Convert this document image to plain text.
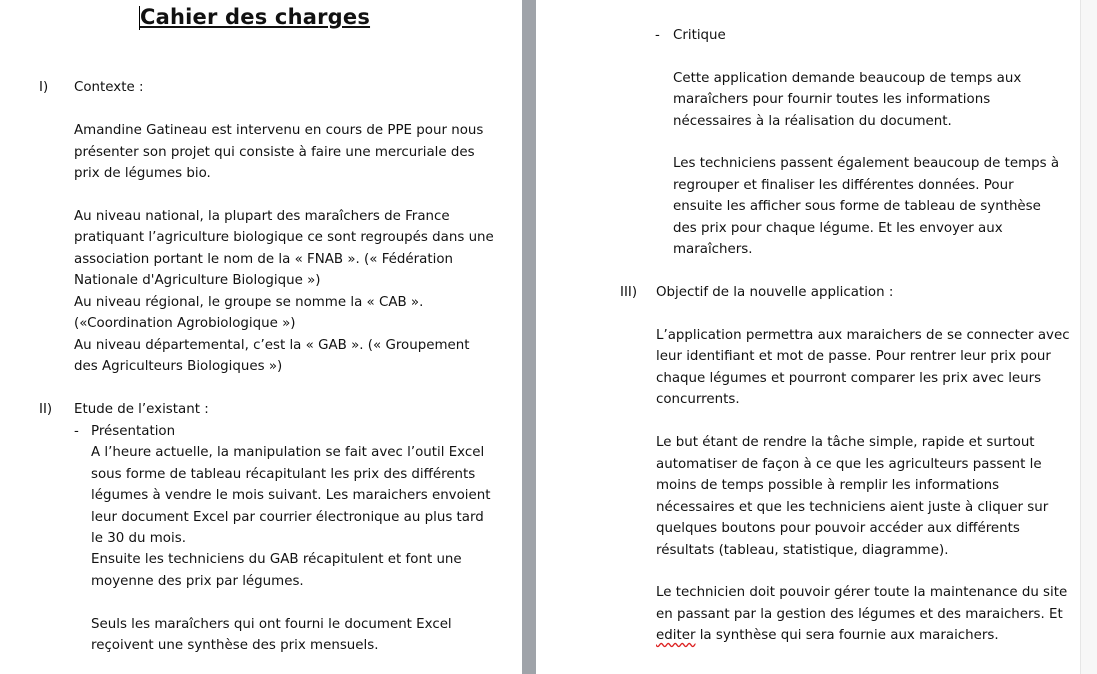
Cahier des charges
I) Contexte :
Amandine Gatineau est intervenu en cours de PPE pour nous
présenter son projet qui consiste à faire une mercuriale des
prix de légumes bio.
Au niveau national, la plupart des maraîchers de France
pratiquant l’agriculture biologique ce sont regroupés dans une
association portant le nom de la « FNAB ». (« Fédération
Nationale d'Agriculture Biologique »)
Au niveau régional, le groupe se nomme la « CAB ».
(«Coordination Agrobiologique »)
Au niveau départemental, c’est la « GAB ». (« Groupement
des Agriculteurs Biologiques »)
II) Etude de l’existant :
- Présentation
A l’heure actuelle, la manipulation se fait avec l’outil Excel
sous forme de tableau récapitulant les prix des différents
légumes à vendre le mois suivant. Les maraichers envoient
leur document Excel par courrier électronique au plus tard
le 30 du mois.
Ensuite les techniciens du GAB récapitulent et font une
moyenne des prix par légumes.
Seuls les maraîchers qui ont fourni le document Excel
reçoivent une synthèse des prix mensuels.
- Critique
Cette application demande beaucoup de temps aux
maraîchers pour fournir toutes les informations
nécessaires à la réalisation du document.
Les techniciens passent également beaucoup de temps à
regrouper et finaliser les différentes données. Pour
ensuite les afficher sous forme de tableau de synthèse
des prix pour chaque légume. Et les envoyer aux
maraîchers.
III) Objectif de la nouvelle application :
L’application permettra aux maraichers de se connecter avec
leur identifiant et mot de passe. Pour rentrer leur prix pour
chaque légumes et pourront comparer les prix avec leurs
concurrents.
Le but étant de rendre la tâche simple, rapide et surtout
automatiser de façon à ce que les agriculteurs passent le
moins de temps possible à remplir les informations
nécessaires et que les techniciens aient juste à cliquer sur
quelques boutons pour pouvoir accéder aux différents
résultats (tableau, statistique, diagramme).
Le technicien doit pouvoir gérer toute la maintenance du site
en passant par la gestion des légumes et des maraichers. Et
editer la synthèse qui sera fournie aux maraichers.
